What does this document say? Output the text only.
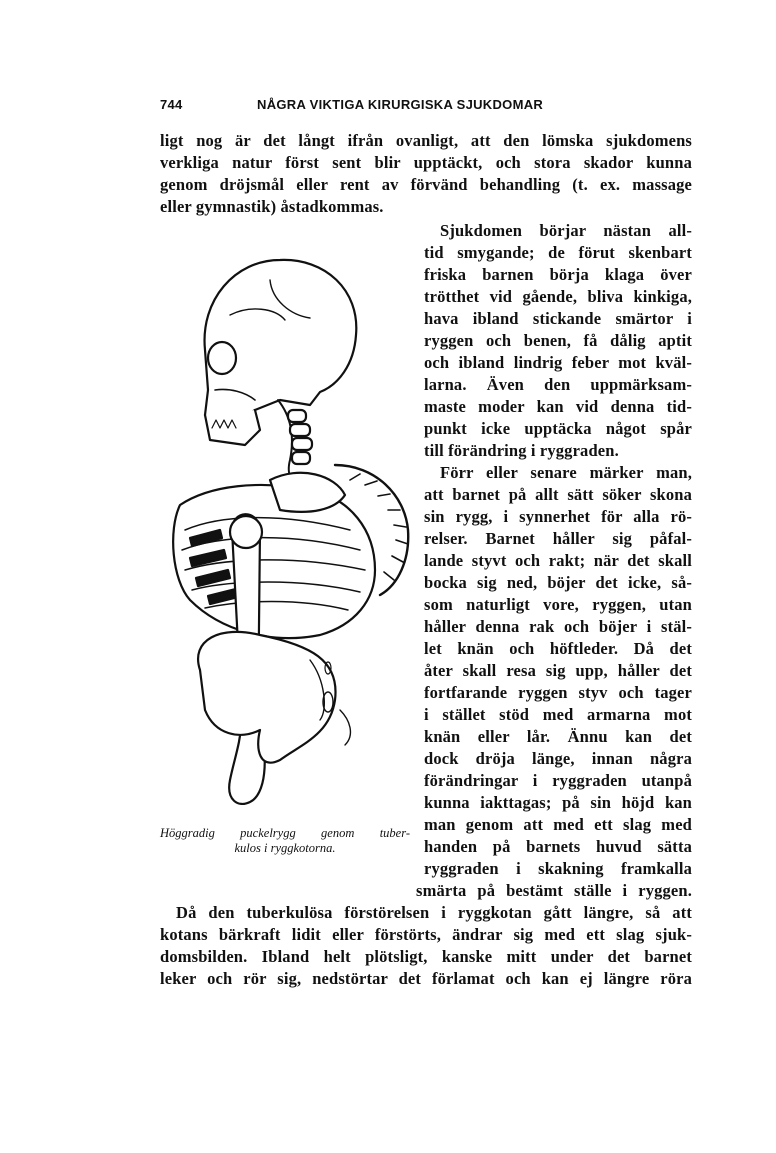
744	NÅGRA VIKTIGA KIRURGISKA SJUKDOMAR
ligt nog är det långt ifrån ovanligt, att den lömska sjukdomens
verkliga natur först sent blir upptäckt, och stora skador kunna
genom dröjsmål eller rent av förvänd behandling (t. ex. massage
eller gymnastik) åstadkommas.
Sjukdomen börjar nästan all-
tid smygande; de förut skenbart
friska barnen börja klaga över
trötthet vid gående, bliva kinkiga,
hava ibland stickande smärtor i
ryggen och benen, få dålig aptit
och ibland lindrig feber mot kväl-
larna. Även den uppmärksam-
maste moder kan vid denna tid-
punkt icke upptäcka något spår
till förändring i ryggraden.
Förr eller senare märker man,
att barnet på allt sätt söker skona
sin rygg, i synnerhet för alla rö-
relser. Barnet håller sig påfal-
lande styvt och rakt; när det skall
bocka sig ned, böjer det icke, så-
som naturligt vore, ryggen, utan
håller denna rak och böjer i stäl-
let knän och höftleder. Då det
åter skall resa sig upp, håller det
fortfarande ryggen styv och tager
i stället stöd med armarna mot
knän eller lår. Ännu kan det
dock dröja länge, innan några
förändringar i ryggraden utanpå
kunna iakttagas; på sin höjd kan
man genom att med ett slag med
handen på barnets huvud sätta
ryggraden i skakning framkalla
smärta på bestämt ställe i ryggen.
Höggradig puckelrygg genom tuber-
kulos i ryggkotorna.
Då den tuberkulösa förstörelsen i ryggkotan gått längre, så att
kotans bärkraft lidit eller förstörts, ändrar sig med ett slag sjuk-
domsbilden. Ibland helt plötsligt, kanske mitt under det barnet
leker och rör sig, nedstörtar det förlamat och kan ej längre röra
